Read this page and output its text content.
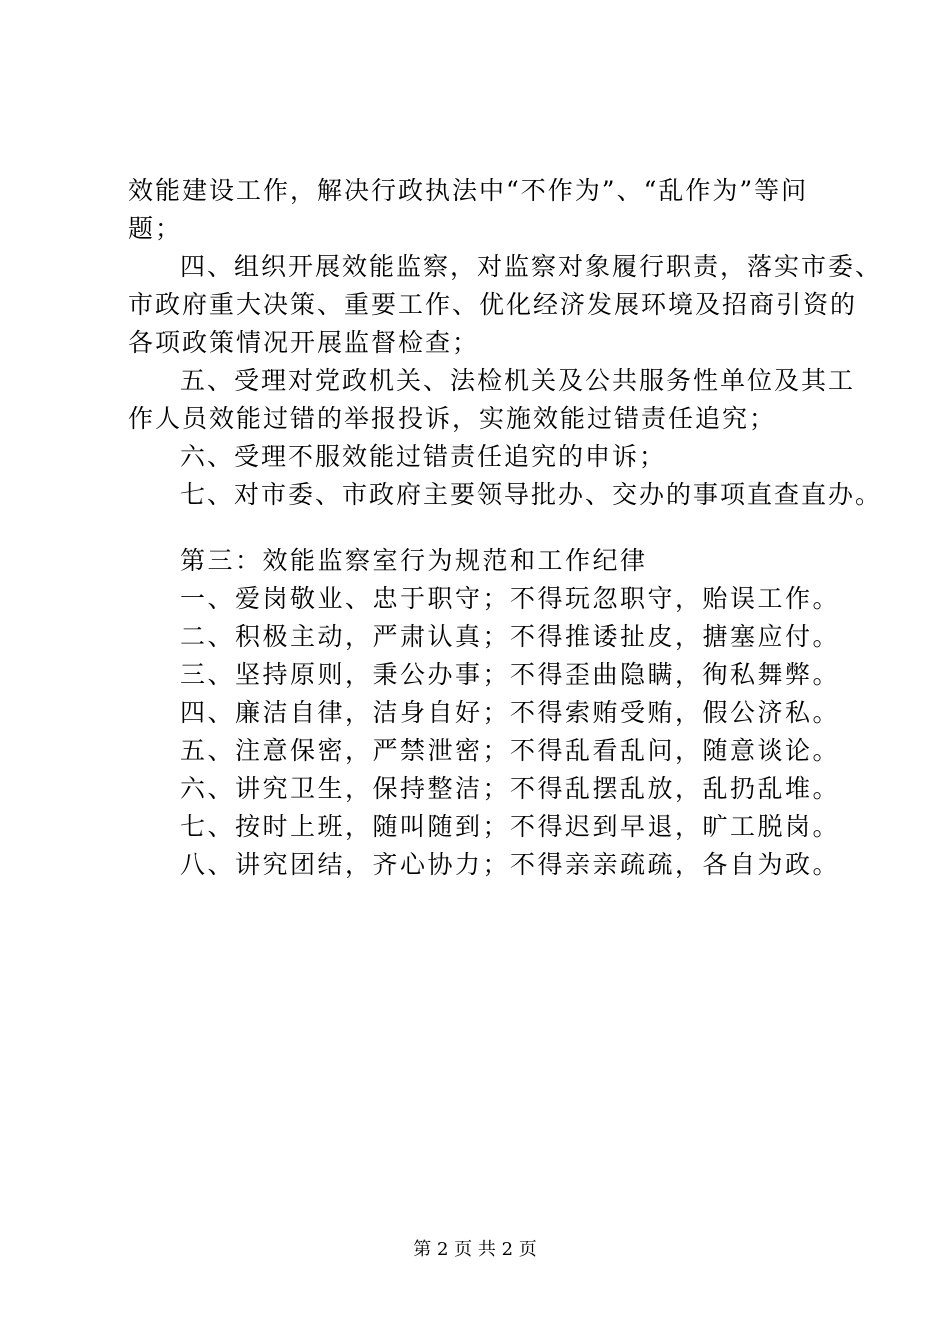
效能建设工作，解决行政执法中“不作为”、“乱作为”等问
题；
四、组织开展效能监察，对监察对象履行职责，落实市委、
市政府重大决策、重要工作、优化经济发展环境及招商引资的
各项政策情况开展监督检查；
五、受理对党政机关、法检机关及公共服务性单位及其工
作人员效能过错的举报投诉，实施效能过错责任追究；
六、受理不服效能过错责任追究的申诉；
七、对市委、市政府主要领导批办、交办的事项直查直办。
第三：效能监察室行为规范和工作纪律
一、爱岗敬业、忠于职守；不得玩忽职守，贻误工作。
二、积极主动，严肃认真；不得推诿扯皮，搪塞应付。
三、坚持原则，秉公办事；不得歪曲隐瞒，徇私舞弊。
四、廉洁自律，洁身自好；不得索贿受贿，假公济私。
五、注意保密，严禁泄密；不得乱看乱问，随意谈论。
六、讲究卫生，保持整洁；不得乱摆乱放，乱扔乱堆。
七、按时上班，随叫随到；不得迟到早退，旷工脱岗。
八、讲究团结，齐心协力；不得亲亲疏疏，各自为政。
第 2 页 共 2 页
